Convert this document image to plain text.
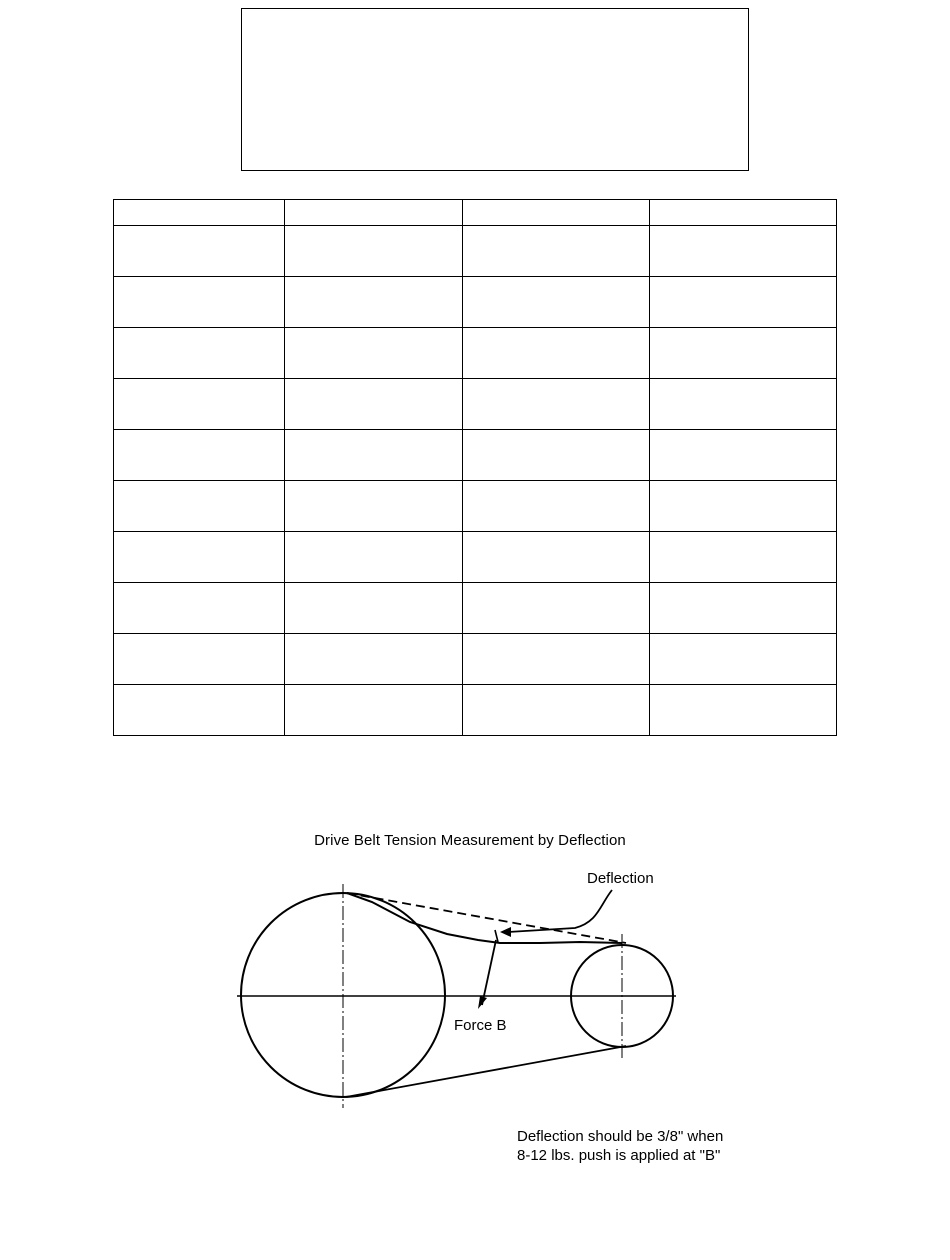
Drive Belt Tension Measurement by Deflection
Deflection
Force B
Deflection should be 3/8" when
8-12 lbs. push is applied at "B"
